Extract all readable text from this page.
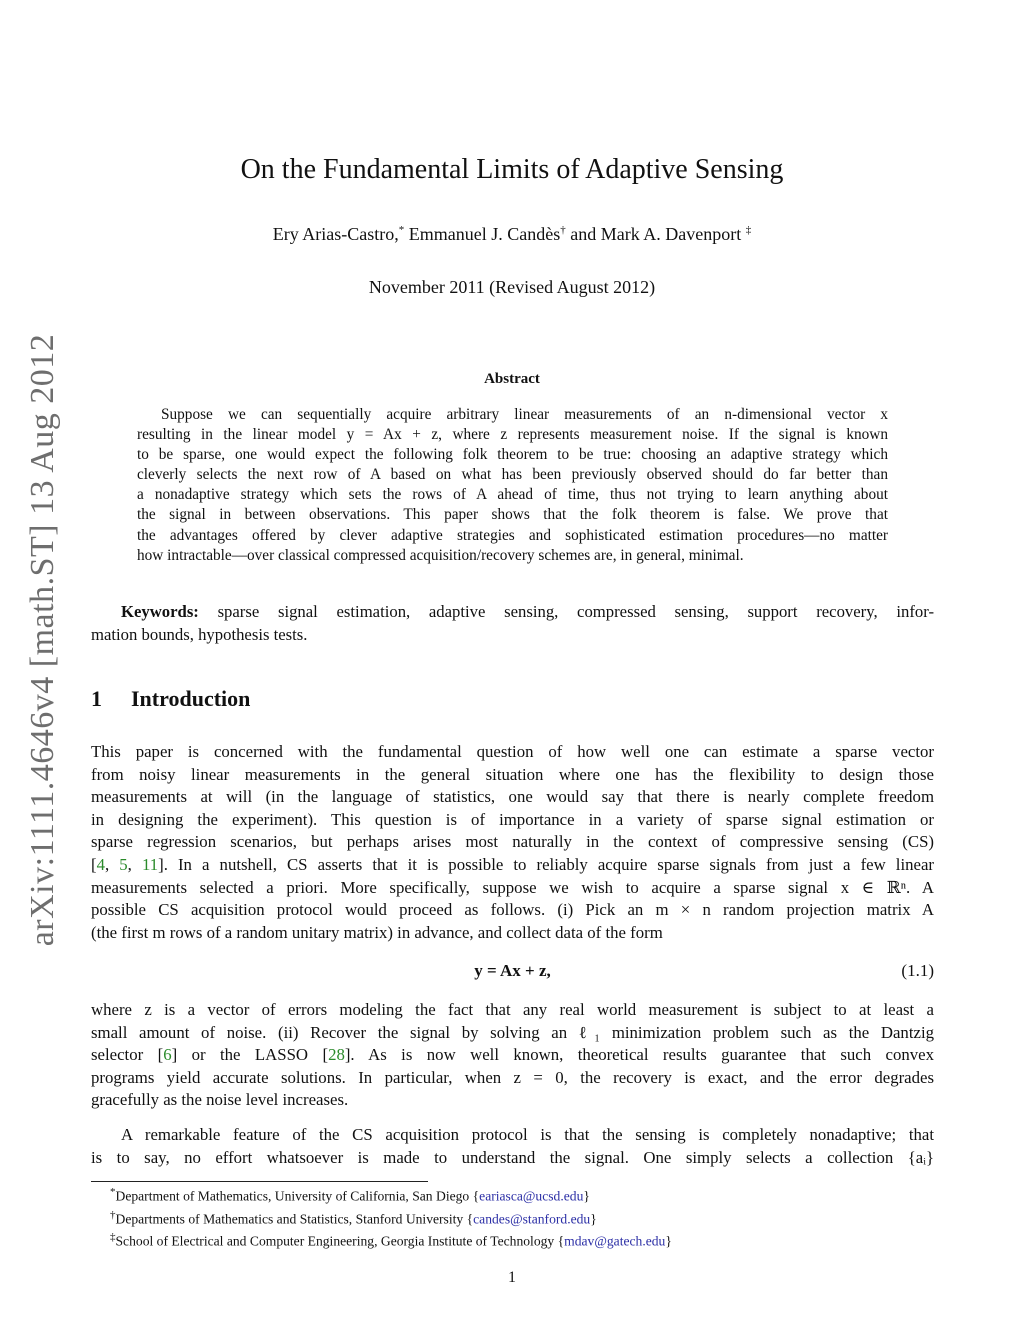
arXiv:1111.4646v4 [math.ST] 13 Aug 2012
On the Fundamental Limits of Adaptive Sensing
Ery Arias-Castro,* Emmanuel J. Candès† and Mark A. Davenport ‡
November 2011 (Revised August 2012)
Abstract
Suppose we can sequentially acquire arbitrary linear measurements of an n-dimensional vector x
resulting in the linear model y = Ax + z, where z represents measurement noise. If the signal is known
to be sparse, one would expect the following folk theorem to be true: choosing an adaptive strategy which
cleverly selects the next row of A based on what has been previously observed should do far better than
a nonadaptive strategy which sets the rows of A ahead of time, thus not trying to learn anything about
the signal in between observations. This paper shows that the folk theorem is false. We prove that
the advantages offered by clever adaptive strategies and sophisticated estimation procedures—no matter
how intractable—over classical compressed acquisition/recovery schemes are, in general, minimal.
Keywords: sparse signal estimation, adaptive sensing, compressed sensing, support recovery, infor-
mation bounds, hypothesis tests.
1 Introduction
This paper is concerned with the fundamental question of how well one can estimate a sparse vector
from noisy linear measurements in the general situation where one has the flexibility to design those
measurements at will (in the language of statistics, one would say that there is nearly complete freedom
in designing the experiment). This question is of importance in a variety of sparse signal estimation or
sparse regression scenarios, but perhaps arises most naturally in the context of compressive sensing (CS)
[4, 5, 11]. In a nutshell, CS asserts that it is possible to reliably acquire sparse signals from just a few linear
measurements selected a priori. More specifically, suppose we wish to acquire a sparse signal x ∈ ℝⁿ. A
possible CS acquisition protocol would proceed as follows. (i) Pick an m × n random projection matrix A
(the first m rows of a random unitary matrix) in advance, and collect data of the form
y = Ax + z,	(1.1)
where z is a vector of errors modeling the fact that any real world measurement is subject to at least a
small amount of noise. (ii) Recover the signal by solving an ℓ₁ minimization problem such as the Dantzig
selector [6] or the LASSO [28]. As is now well known, theoretical results guarantee that such convex
programs yield accurate solutions. In particular, when z = 0, the recovery is exact, and the error degrades
gracefully as the noise level increases.
A remarkable feature of the CS acquisition protocol is that the sensing is completely nonadaptive; that
is to say, no effort whatsoever is made to understand the signal. One simply selects a collection {aᵢ}
*Department of Mathematics, University of California, San Diego {eariasca@ucsd.edu}
†Departments of Mathematics and Statistics, Stanford University {candes@stanford.edu}
‡School of Electrical and Computer Engineering, Georgia Institute of Technology {mdav@gatech.edu}
1
